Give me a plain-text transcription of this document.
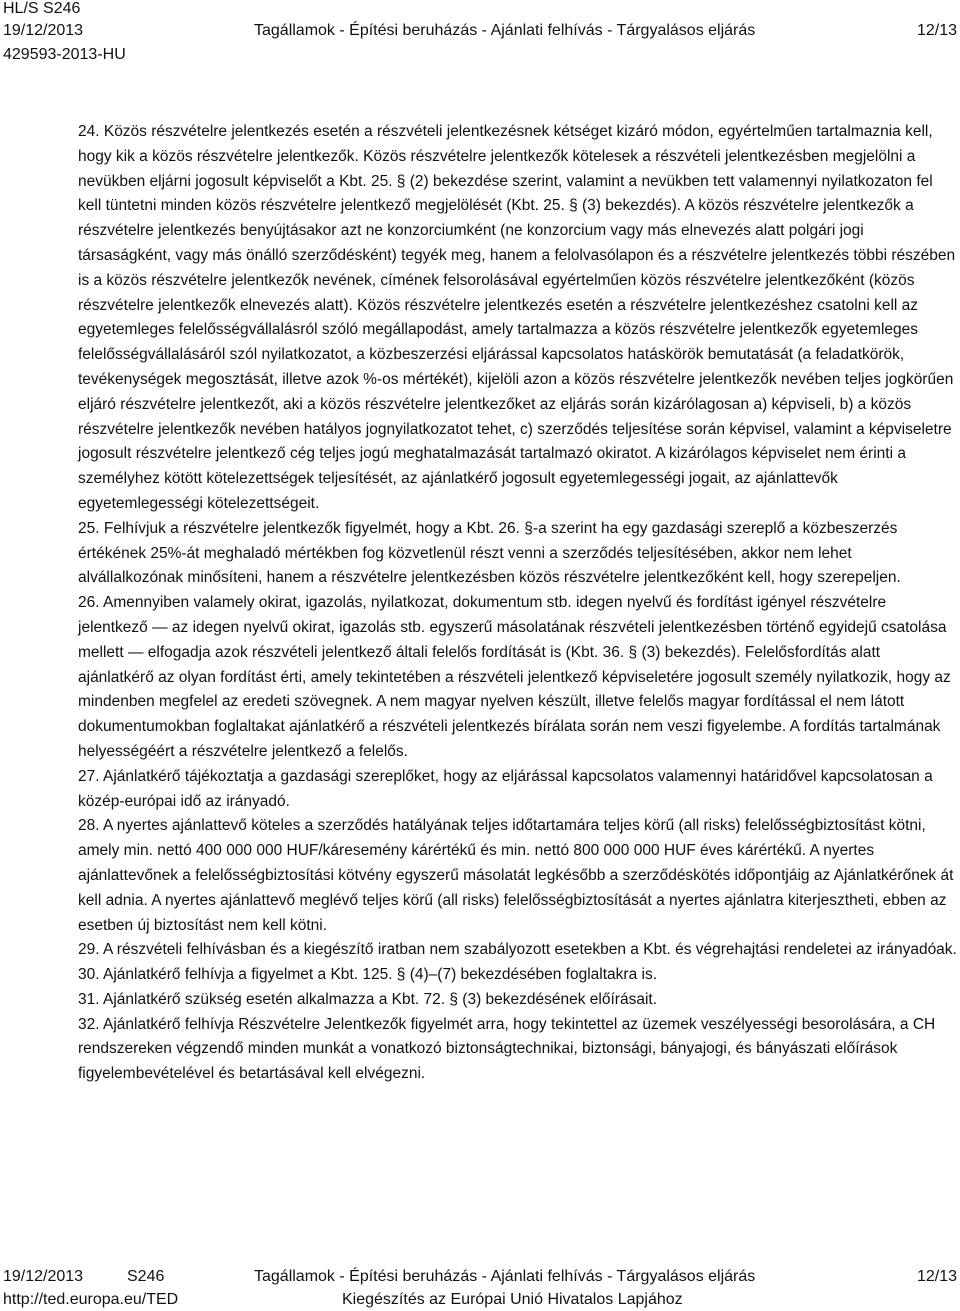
HL/S S246
19/12/2013	Tagállamok - Építési beruházás - Ajánlati felhívás - Tárgyalásos eljárás	12/13
429593-2013-HU

24. Közös részvételre jelentkezés esetén a részvételi jelentkezésnek kétséget kizáró módon, egyértelműen tartalmaznia kell, hogy kik a közös részvételre jelentkezők. Közös részvételre jelentkezők kötelesek a részvételi jelentkezésben megjelölni a nevükben eljárni jogosult képviselőt a Kbt. 25. § (2) bekezdése szerint, valamint a nevükben tett valamennyi nyilatkozaton fel kell tüntetni minden közös részvételre jelentkező megjelölését (Kbt. 25. § (3) bekezdés). A közös részvételre jelentkezők a részvételre jelentkezés benyújtásakor azt ne konzorciumként (ne konzorcium vagy más elnevezés alatt polgári jogi társaságként, vagy más önálló szerződésként) tegyék meg, hanem a felolvasólapon és a részvételre jelentkezés többi részében is a közös részvételre jelentkezők nevének, címének felsorolásával egyértelműen közös részvételre jelentkezőként (közös részvételre jelentkezők elnevezés alatt). Közös részvételre jelentkezés esetén a részvételre jelentkezéshez csatolni kell az egyetemleges felelősségvállalásról szóló megállapodást, amely tartalmazza a közös részvételre jelentkezők egyetemleges felelősségvállalásáról szól nyilatkozatot, a közbeszerzési eljárással kapcsolatos hatáskörök bemutatását (a feladatkörök, tevékenységek megosztását, illetve azok %-os mértékét), kijelöli azon a közös részvételre jelentkezők nevében teljes jogkörűen eljáró részvételre jelentkezőt, aki a közös részvételre jelentkezőket az eljárás során kizárólagosan a) képviseli, b) a közös részvételre jelentkezők nevében hatályos jognyilatkozatot tehet, c) szerződés teljesítése során képvisel, valamint a képviseletre jogosult részvételre jelentkező cég teljes jogú meghatalmazását tartalmazó okiratot. A kizárólagos képviselet nem érinti a személyhez kötött kötelezettségek teljesítését, az ajánlatkérő jogosult egyetemlegességi jogait, az ajánlattevők egyetemlegességi kötelezettségeit.

25. Felhívjuk a részvételre jelentkezők figyelmét, hogy a Kbt. 26. §-a szerint ha egy gazdasági szereplő a közbeszerzés értékének 25%-át meghaladó mértékben fog közvetlenül részt venni a szerződés teljesítésében, akkor nem lehet alvállalkozónak minősíteni, hanem a részvételre jelentkezésben közös részvételre jelentkezőként kell, hogy szerepeljen.

26. Amennyiben valamely okirat, igazolás, nyilatkozat, dokumentum stb. idegen nyelvű és fordítást igényel részvételre jelentkező — az idegen nyelvű okirat, igazolás stb. egyszerű másolatának részvételi jelentkezésben történő egyidejű csatolása mellett — elfogadja azok részvételi jelentkező általi felelős fordítását is (Kbt. 36. § (3) bekezdés). Felelősfordítás alatt ajánlatkérő az olyan fordítást érti, amely tekintetében a részvételi jelentkező képviseletére jogosult személy nyilatkozik, hogy az mindenben megfelel az eredeti szövegnek. A nem magyar nyelven készült, illetve felelős magyar fordítással el nem látott dokumentumokban foglaltakat ajánlatkérő a részvételi jelentkezés bírálata során nem veszi figyelembe. A fordítás tartalmának helyességéért a részvételre jelentkező a felelős.

27. Ajánlatkérő tájékoztatja a gazdasági szereplőket, hogy az eljárással kapcsolatos valamennyi határidővel kapcsolatosan a közép-európai idő az irányadó.

28. A nyertes ajánlattevő köteles a szerződés hatályának teljes időtartamára teljes körű (all risks) felelősségbiztosítást kötni, amely min. nettó 400 000 000 HUF/káresemény kárértékű és min. nettó 800 000 000 HUF éves kárértékű. A nyertes ajánlattevőnek a felelősségbiztosítási kötvény egyszerű másolatát legkésőbb a szerződéskötés időpontjáig az Ajánlatkérőnek át kell adnia. A nyertes ajánlattevő meglévő teljes körű (all risks) felelősségbiztosítását a nyertes ajánlatra kiterjesztheti, ebben az esetben új biztosítást nem kell kötni.

29. A részvételi felhívásban és a kiegészítő iratban nem szabályozott esetekben a Kbt. és végrehajtási rendeletei az irányadóak.

30. Ajánlatkérő felhívja a figyelmet a Kbt. 125. § (4)–(7) bekezdésében foglaltakra is.

31. Ajánlatkérő szükség esetén alkalmazza a Kbt. 72. § (3) bekezdésének előírásait.

32. Ajánlatkérő felhívja Részvételre Jelentkezők figyelmét arra, hogy tekintettel az üzemek veszélyességi besorolására, a CH rendszereken végzendő minden munkát a vonatkozó biztonságtechnikai, biztonsági, bányajogi, és bányászati előírások figyelembevételével és betartásával kell elvégezni.

19/12/2013	S246	Tagállamok - Építési beruházás - Ajánlati felhívás - Tárgyalásos eljárás	12/13
http://ted.europa.eu/TED	Kiegészítés az Európai Unió Hivatalos Lapjához
